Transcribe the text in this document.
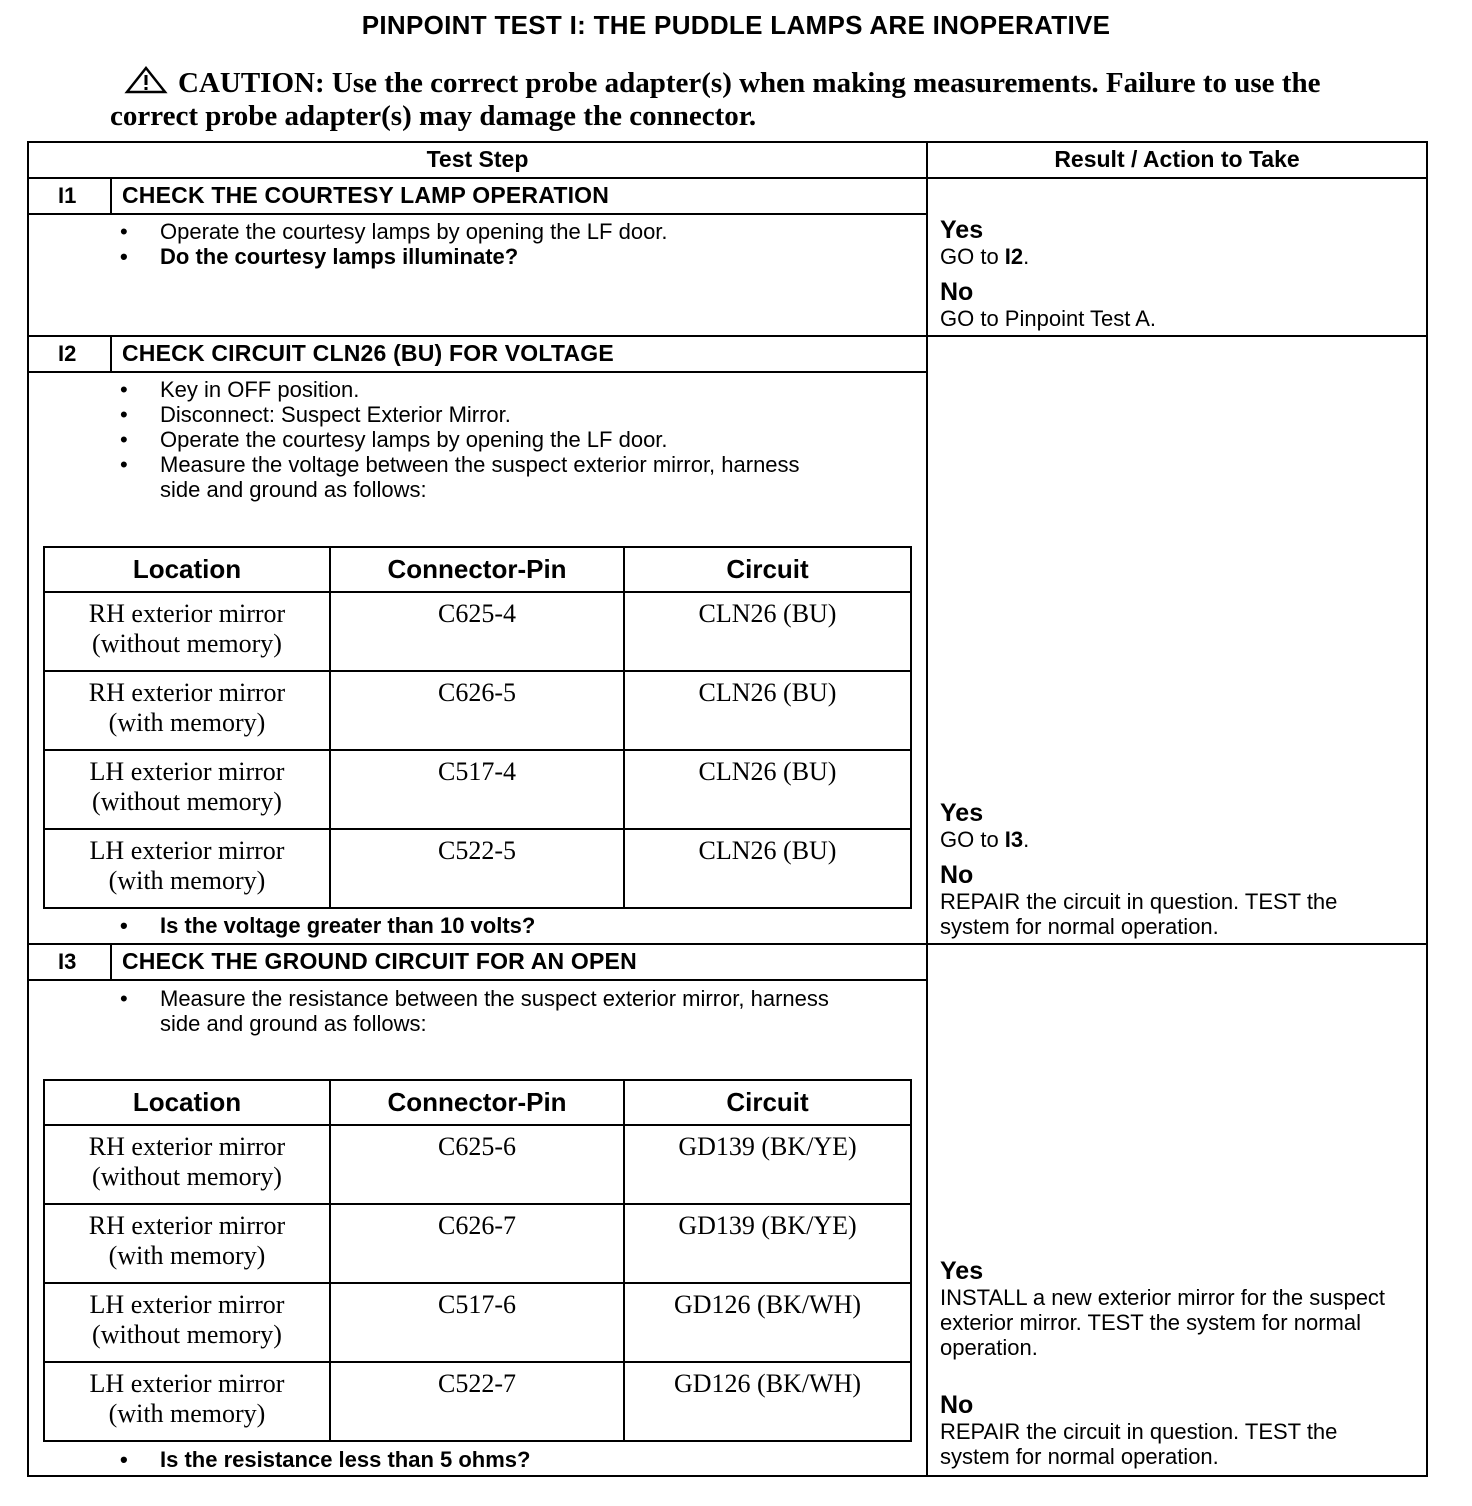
PINPOINT TEST I: THE PUDDLE LAMPS ARE INOPERATIVE
CAUTION: Use the correct probe adapter(s) when making measurements. Failure to use the correct probe adapter(s) may damage the connector.
Test Step	Result / Action to Take
I1 CHECK THE COURTESY LAMP OPERATION
• Operate the courtesy lamps by opening the LF door.
• Do the courtesy lamps illuminate?
Yes
GO to I2.
No
GO to Pinpoint Test A.
I2 CHECK CIRCUIT CLN26 (BU) FOR VOLTAGE
• Key in OFF position.
• Disconnect: Suspect Exterior Mirror.
• Operate the courtesy lamps by opening the LF door.
• Measure the voltage between the suspect exterior mirror, harness side and ground as follows:
Location	Connector-Pin	Circuit

RH exterior mirror
(without memory)	C625-4	CLN26 (BU)

RH exterior mirror
(with memory)	C626-5	CLN26 (BU)

LH exterior mirror
(without memory)	C517-4	CLN26 (BU)

LH exterior mirror
(with memory)	C522-5	CLN26 (BU)
• Is the voltage greater than 10 volts?
Yes
GO to I3.
No
REPAIR the circuit in question. TEST the system for normal operation.
I3 CHECK THE GROUND CIRCUIT FOR AN OPEN
• Measure the resistance between the suspect exterior mirror, harness side and ground as follows:
Location	Connector-Pin	Circuit

RH exterior mirror
(without memory)	C625-6	GD139 (BK/YE)

RH exterior mirror
(with memory)	C626-7	GD139 (BK/YE)

LH exterior mirror
(without memory)	C517-6	GD126 (BK/WH)

LH exterior mirror
(with memory)	C522-7	GD126 (BK/WH)
• Is the resistance less than 5 ohms?
Yes
INSTALL a new exterior mirror for the suspect exterior mirror. TEST the system for normal operation.
No
REPAIR the circuit in question. TEST the system for normal operation.
